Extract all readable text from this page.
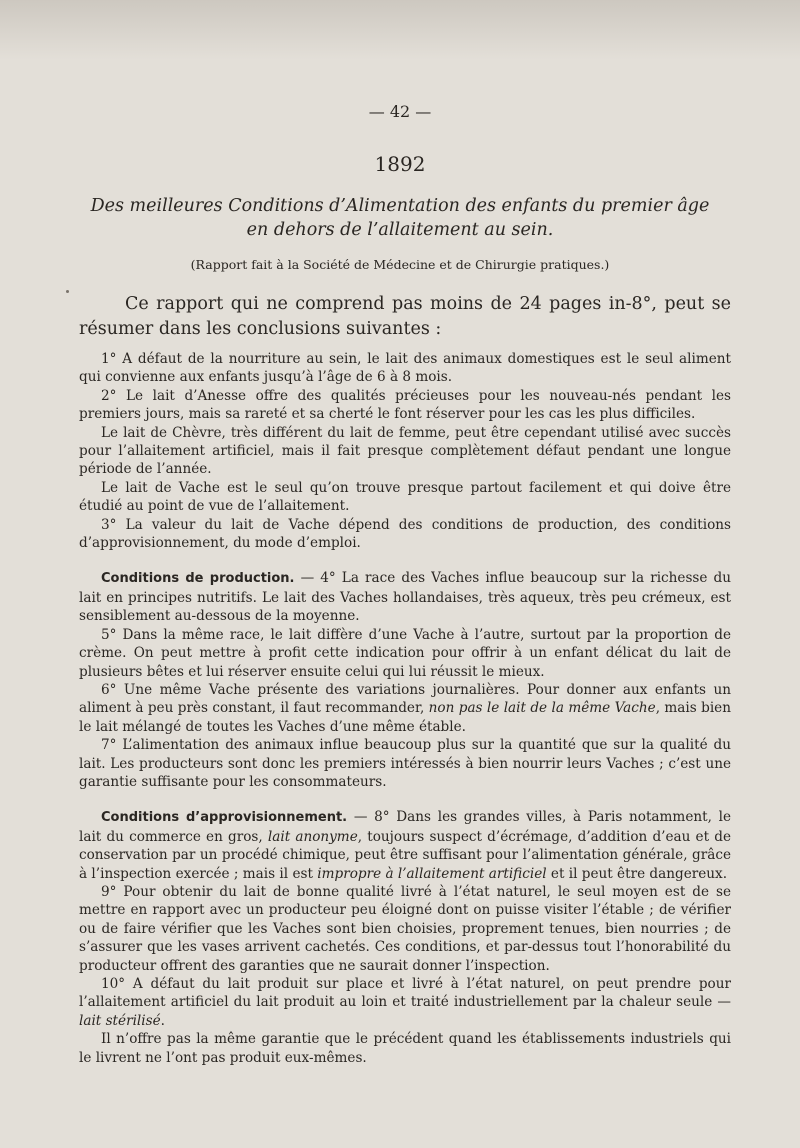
— 42 —
1892
Des meilleures Conditions d’Alimentation des enfants du premier âge
en dehors de l’allaitement au sein.
(Rapport fait à la Société de Médecine et de Chirurgie pratiques.)

Ce rapport qui ne comprend pas moins de 24 pages in-8°, peut se résumer dans les conclusions suivantes :

1° A défaut de la nourriture au sein, le lait des animaux domestiques est le seul aliment qui convienne aux enfants jusqu’à l’âge de 6 à 8 mois.

2° Le lait d’Anesse offre des qualités précieuses pour les nouveau-nés pendant les premiers jours, mais sa rareté et sa cherté le font réserver pour les cas les plus difficiles.

Le lait de Chèvre, très différent du lait de femme, peut être cependant utilisé avec succès pour l’allaitement artificiel, mais il fait presque complètement défaut pendant une longue période de l’année.

Le lait de Vache est le seul qu’on trouve presque partout facilement et qui doive être étudié au point de vue de l’allaitement.

3° La valeur du lait de Vache dépend des conditions de production, des conditions d’approvisionnement, du mode d’emploi.

Conditions de production. — 4° La race des Vaches influe beaucoup sur la richesse du lait en principes nutritifs. Le lait des Vaches hollandaises, très aqueux, très peu crémeux, est sensiblement au-dessous de la moyenne.

5° Dans la même race, le lait diffère d’une Vache à l’autre, surtout par la proportion de crème. On peut mettre à profit cette indication pour offrir à un enfant délicat du lait de plusieurs bêtes et lui réserver ensuite celui qui lui réussit le mieux.

6° Une même Vache présente des variations journalières. Pour donner aux enfants un aliment à peu près constant, il faut recommander, non pas le lait de la même Vache, mais bien le lait mélangé de toutes les Vaches d’une même étable.

7° L’alimentation des animaux influe beaucoup plus sur la quantité que sur la qualité du lait. Les producteurs sont donc les premiers intéressés à bien nourrir leurs Vaches ; c’est une garantie suffisante pour les consommateurs.

Conditions d’approvisionnement. — 8° Dans les grandes villes, à Paris notamment, le lait du commerce en gros, lait anonyme, toujours suspect d’écrémage, d’addition d’eau et de conservation par un procédé chimique, peut être suffisant pour l’alimentation générale, grâce à l’inspection exercée ; mais il est impropre à l’allaitement artificiel et il peut être dangereux.

9° Pour obtenir du lait de bonne qualité livré à l’état naturel, le seul moyen est de se mettre en rapport avec un producteur peu éloigné dont on puisse visiter l’étable ; de vérifier ou de faire vérifier que les Vaches sont bien choisies, proprement tenues, bien nourries ; de s’assurer que les vases arrivent cachetés. Ces conditions, et par-dessus tout l’honorabilité du producteur offrent des garanties que ne saurait donner l’inspection.

10° A défaut du lait produit sur place et livré à l’état naturel, on peut prendre pour l’allaitement artificiel du lait produit au loin et traité industriellement par la chaleur seule — lait stérilisé.

Il n’offre pas la même garantie que le précédent quand les établissements industriels qui le livrent ne l’ont pas produit eux-mêmes.
